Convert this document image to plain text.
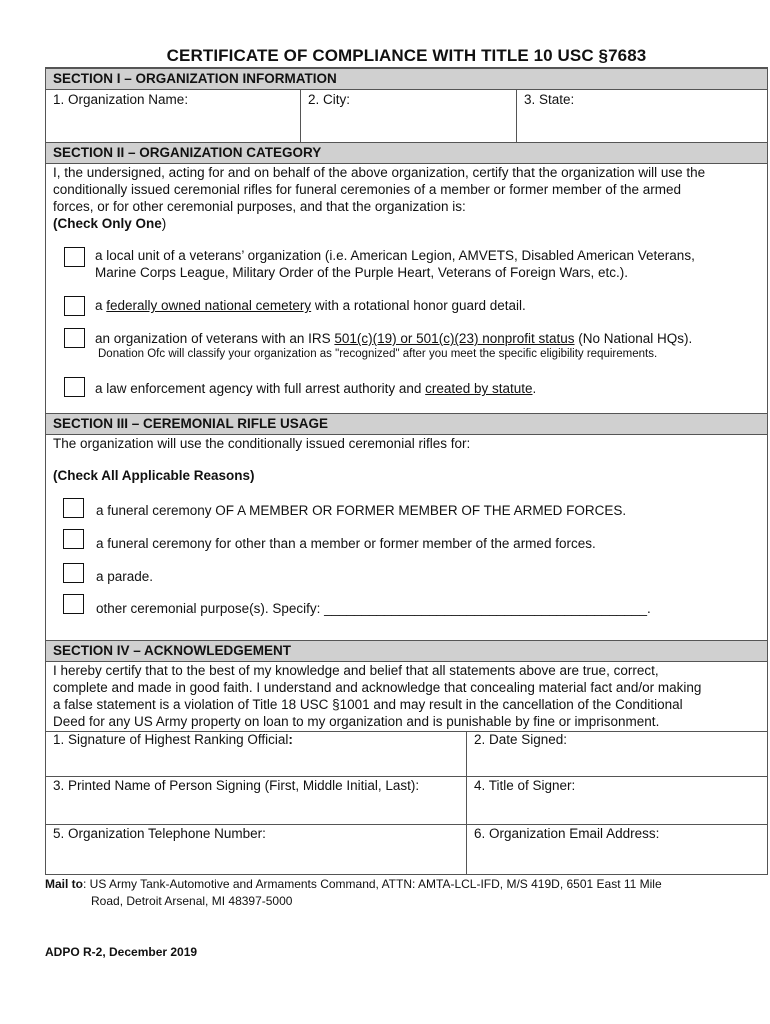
CERTIFICATE OF COMPLIANCE WITH TITLE 10 USC §7683
SECTION I – ORGANIZATION INFORMATION
1. Organization Name:	2. City:	3. State:
SECTION II – ORGANIZATION CATEGORY
I, the undersigned, acting for and on behalf of the above organization, certify that the organization will use the
conditionally issued ceremonial rifles for funeral ceremonies of a member or former member of the armed
forces, or for other ceremonial purposes, and that the organization is:
(Check Only One)
a local unit of a veterans’ organization (i.e. American Legion, AMVETS, Disabled American Veterans,
Marine Corps League, Military Order of the Purple Heart, Veterans of Foreign Wars, etc.).
a federally owned national cemetery with a rotational honor guard detail.
an organization of veterans with an IRS 501(c)(19) or 501(c)(23) nonprofit status (No National HQs).
Donation Ofc will classify your organization as "recognized" after you meet the specific eligibility requirements.
a law enforcement agency with full arrest authority and created by statute.
SECTION III – CEREMONIAL RIFLE USAGE
The organization will use the conditionally issued ceremonial rifles for:
(Check All Applicable Reasons)
a funeral ceremony OF A MEMBER OR FORMER MEMBER OF THE ARMED FORCES.
a funeral ceremony for other than a member or former member of the armed forces.
a parade.
other ceremonial purpose(s). Specify: ___________________________________________.
SECTION IV – ACKNOWLEDGEMENT
I hereby certify that to the best of my knowledge and belief that all statements above are true, correct,
complete and made in good faith. I understand and acknowledge that concealing material fact and/or making
a false statement is a violation of Title 18 USC §1001 and may result in the cancellation of the Conditional
Deed for any US Army property on loan to my organization and is punishable by fine or imprisonment.
1. Signature of Highest Ranking Official:	2. Date Signed:
3. Printed Name of Person Signing (First, Middle Initial, Last):	4. Title of Signer:
5. Organization Telephone Number:	6. Organization Email Address:
Mail to: US Army Tank-Automotive and Armaments Command, ATTN: AMTA-LCL-IFD, M/S 419D, 6501 East 11 Mile
Road, Detroit Arsenal, MI 48397-5000
ADPO R-2, December 2019
